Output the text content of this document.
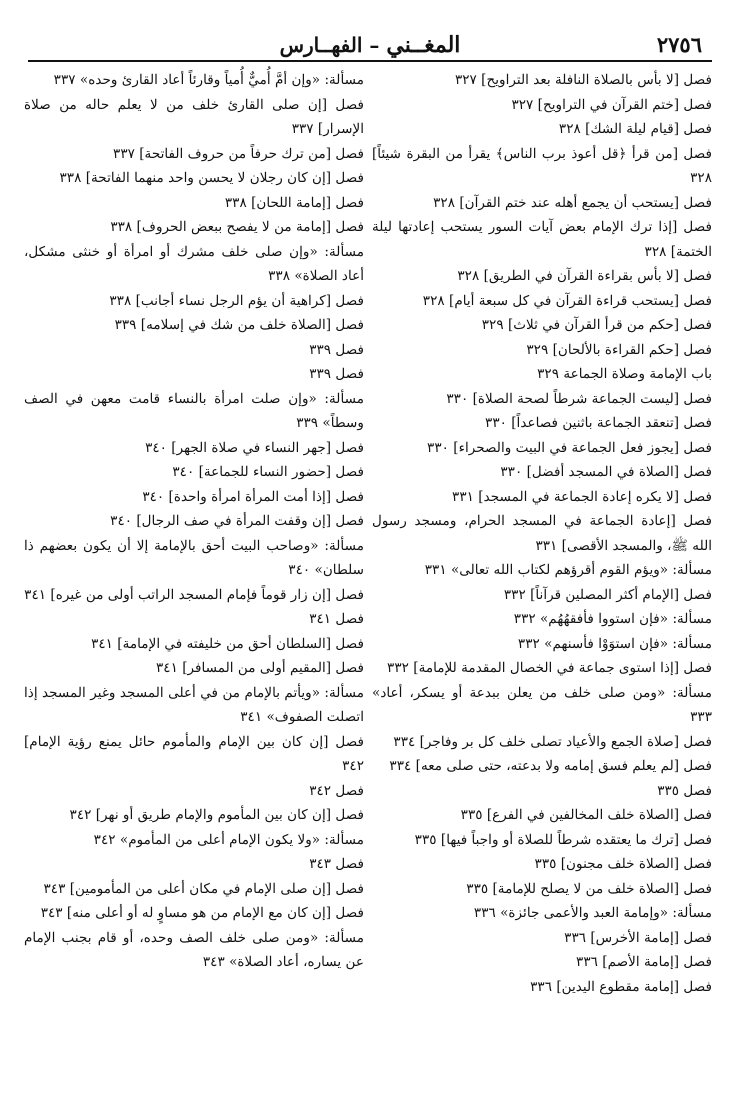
٢٧٥٦
المغــني – الفهــارس

فصل [لا بأس بالصلاة النافلة بعد التراويح] ٣٢٧

فصل [ختم القرآن في التراويح] ٣٢٧

فصل [قيام ليلة الشك] ٣٢٨

فصل [من قرأ ﴿قل أعوذ برب الناس﴾ يقرأ من البقرة شيئاً] ٣٢٨

فصل [يستحب أن يجمع أهله عند ختم القرآن] ٣٢٨

فصل [إذا ترك الإمام بعض آيات السور يستحب إعادتها ليلة الختمة] ٣٢٨

فصل [لا بأس بقراءة القرآن في الطريق] ٣٢٨

فصل [يستحب قراءة القرآن في كل سبعة أيام] ٣٢٨

فصل [حكم من قرأ القرآن في ثلاث] ٣٢٩

فصل [حكم القراءة بالألحان] ٣٢٩

باب الإمامة وصلاة الجماعة ٣٢٩

فصل [ليست الجماعة شرطاً لصحة الصلاة] ٣٣٠

فصل [تنعقد الجماعة باثنين فصاعداً] ٣٣٠

فصل [يجوز فعل الجماعة في البيت والصحراء] ٣٣٠

فصل [الصلاة في المسجد أفضل] ٣٣٠

فصل [لا يكره إعادة الجماعة في المسجد] ٣٣١

فصل [إعادة الجماعة في المسجد الحرام، ومسجد رسول الله ﷺ، والمسجد الأقصى] ٣٣١

مسألة: «ويؤم القوم أقرؤهم لكتاب الله تعالى» ٣٣١

فصل [الإمام أكثر المصلين قرآناً] ٣٣٢

مسألة: «فإن استووا فأفقهُهُم» ٣٣٢

مسألة: «فإن استوَوْا فأسنهم» ٣٣٢

فصل [إذا استوى جماعة في الخصال المقدمة للإمامة] ٣٣٢

مسألة: «ومن صلى خلف من يعلن ببدعة أو يسكر، أعاد» ٣٣٣

فصل [صلاة الجمع والأعياد تصلى خلف كل بر وفاجر] ٣٣٤

فصل [لم يعلم فسق إمامه ولا بدعته، حتى صلى معه] ٣٣٤

فصل ٣٣٥

فصل [الصلاة خلف المخالفين في الفرع] ٣٣٥

فصل [ترك ما يعتقده شرطاً للصلاة أو واجباً فيها] ٣٣٥

فصل [الصلاة خلف مجنون] ٣٣٥

فصل [الصلاة خلف من لا يصلح للإمامة] ٣٣٥

مسألة: «وإمامة العبد والأعمى جائزة» ٣٣٦

فصل [إمامة الأخرس] ٣٣٦

فصل [إمامة الأصم] ٣٣٦

فصل [إمامة مقطوع اليدين] ٣٣٦

مسألة: «وإن أمَّ أُميٌّ أُمياً وقارئاً أعاد القارئ وحده» ٣٣٧

فصل [إن صلى القارئ خلف من لا يعلم حاله من صلاة الإسرار] ٣٣٧

فصل [من ترك حرفاً من حروف الفاتحة] ٣٣٧

فصل [إن كان رجلان لا يحسن واحد منهما الفاتحة] ٣٣٨

فصل [إمامة اللحان] ٣٣٨

فصل [إمامة من لا يفصح ببعض الحروف] ٣٣٨

مسألة: «وإن صلى خلف مشرك أو امرأة أو خنثى مشكل، أعاد الصلاة» ٣٣٨

فصل [كراهية أن يؤم الرجل نساء أجانب] ٣٣٨

فصل [الصلاة خلف من شك في إسلامه] ٣٣٩

فصل ٣٣٩

فصل ٣٣٩

مسألة: «وإن صلت امرأة بالنساء قامت معهن في الصف وسطاً» ٣٣٩

فصل [جهر النساء في صلاة الجهر] ٣٤٠

فصل [حضور النساء للجماعة] ٣٤٠

فصل [إذا أمت المرأة امرأة واحدة] ٣٤٠

فصل [إن وقفت المرأة في صف الرجال] ٣٤٠

مسألة: «وصاحب البيت أحق بالإمامة إلا أن يكون بعضهم ذا سلطان» ٣٤٠

فصل [إن زار قوماً فإمام المسجد الراتب أولى من غيره] ٣٤١

فصل ٣٤١

فصل [السلطان أحق من خليفته في الإمامة] ٣٤١

فصل [المقيم أولى من المسافر] ٣٤١

مسألة: «ويأتم بالإمام من في أعلى المسجد وغير المسجد إذا اتصلت الصفوف» ٣٤١

فصل [إن كان بين الإمام والمأموم حائل يمنع رؤية الإمام] ٣٤٢

فصل ٣٤٢

فصل [إن كان بين المأموم والإمام طريق أو نهر] ٣٤٢

مسألة: «ولا يكون الإمام أعلى من المأموم» ٣٤٢

فصل ٣٤٣

فصل [إن صلى الإمام في مكان أعلى من المأمومين] ٣٤٣

فصل [إن كان مع الإمام من هو مساوٍ له أو أعلى منه] ٣٤٣

مسألة: «ومن صلى خلف الصف وحده، أو قام بجنب الإمام عن يساره، أعاد الصلاة» ٣٤٣
